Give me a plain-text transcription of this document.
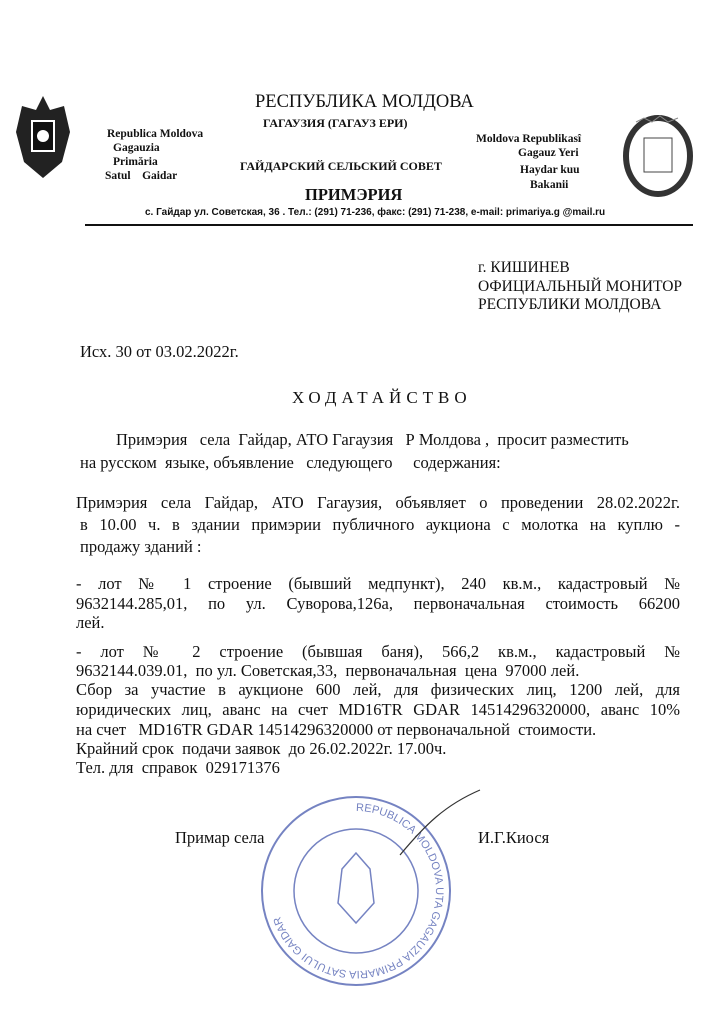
РЕСПУБЛИКА МОЛДОВА
ГАГАУЗИЯ (ГАГАУЗ ЕРИ)
Republica Moldova
Gagauzia
Primăria
Satul    Gaidar
ГАЙДАРСКИЙ СЕЛЬСКИЙ СОВЕТ
Moldova Republikasî
Gagauz Yeri
Haydar kuu
Bakanii
ПРИМЭРИЯ
с. Гайдар ул. Советская, 36 . Тел.: (291) 71-236, факс: (291) 71-238, e-mail: primariya.g @mail.ru
г. КИШИНЕВ
ОФИЦИАЛЬНЫЙ МОНИТОР
РЕСПУБЛИКИ МОЛДОВА
Исх. 30 от 03.02.2022г.
ХОДАТАЙСТВО
Примэрия   села  Гайдар, АТО Гагаузия   Р Молдова ,  просит разместить
на русском  языке, объявление   следующего     содержания:
Примэрия села Гайдар, АТО Гагаузия, объявляет о проведении 28.02.2022г.
в 10.00 ч. в здании примэрии публичного аукциона с молотка на куплю -
продажу зданий :
- лот № 1 строение (бывший медпункт), 240 кв.м., кадастровый №
9632144.285,01, по ул. Суворова,126а, первоначальная стоимость 66200
лей.
- лот № 2 строение (бывшая баня), 566,2 кв.м., кадастровый №
9632144.039.01,  по ул. Советская,33,  первоначальная  цена  97000 лей.
Сбор за участие в аукционе 600 лей, для физических лиц, 1200 лей, для
юридических лиц, аванс на счет MD16TR GDAR 14514296320000, аванс 10%
на счет   MD16TR GDAR 14514296320000 от первоначальной  стоимости.
Крайний срок  подачи заявок  до 26.02.2022г. 17.00ч.
Тел. для  справок  029171376
REPUBLICA MOLDOVA UTA GAGAUZIA PRIMARIA SATULUI GAIDAR
Примар села	И.Г.Киося
